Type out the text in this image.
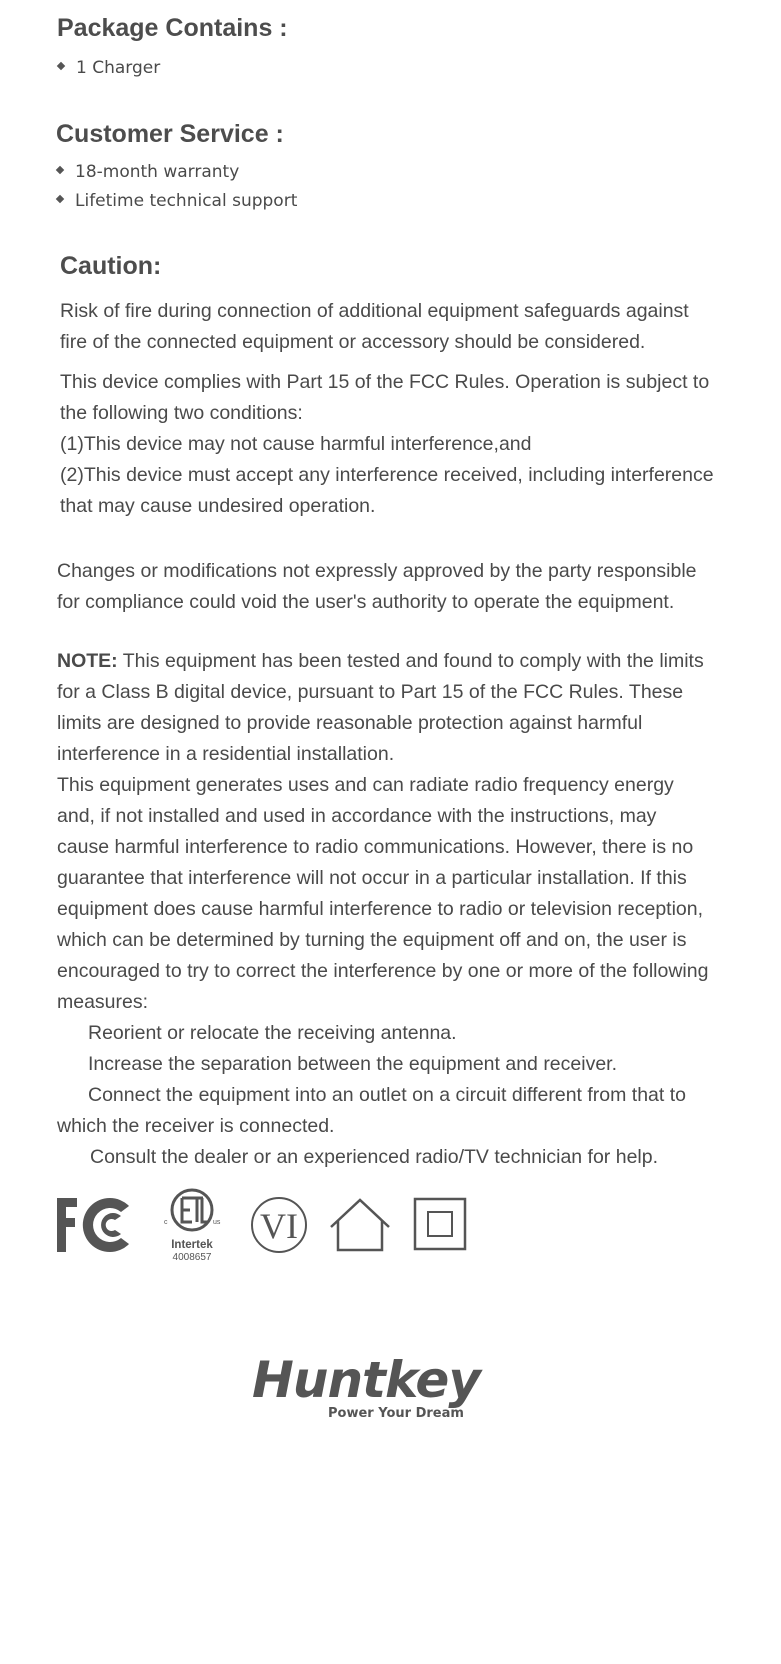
Package Contains :
1 Charger
Customer Service :
18-month warranty
Lifetime technical support
Caution:
Risk of fire during connection of additional equipment safeguards against
fire of the connected equipment or accessory should be considered.
This device complies with Part 15 of the FCC Rules. Operation is subject to
the following two conditions:
(1)This device may not cause harmful interference,and
(2)This device must accept any interference received, including interference
that may cause undesired operation.
Changes or modifications not expressly approved by the party responsible
for compliance could void the user's authority to operate the equipment.
NOTE: This equipment has been tested and found to comply with the limits
for a Class B digital device, pursuant to Part 15 of the FCC Rules. These
limits are designed to provide reasonable protection against harmful
interference in a residential installation.
This equipment generates uses and can radiate radio frequency energy
and, if not installed and used in accordance with the instructions, may
cause harmful interference to radio communications. However, there is no
guarantee that interference will not occur in a particular installation. If this
equipment does cause harmful interference to radio or television reception,
which can be determined by turning the equipment off and on, the user is
encouraged to try to correct the interference by one or more of the following
measures:
Reorient or relocate the receiving antenna.
Increase the separation between the equipment and receiver.
Connect the equipment into an outlet on a circuit different from that to
which the receiver is connected.
Consult the dealer or an experienced radio/TV technician for help.
c	us
Intertek
4008657
VI
Huntkey
Power Your Dream
